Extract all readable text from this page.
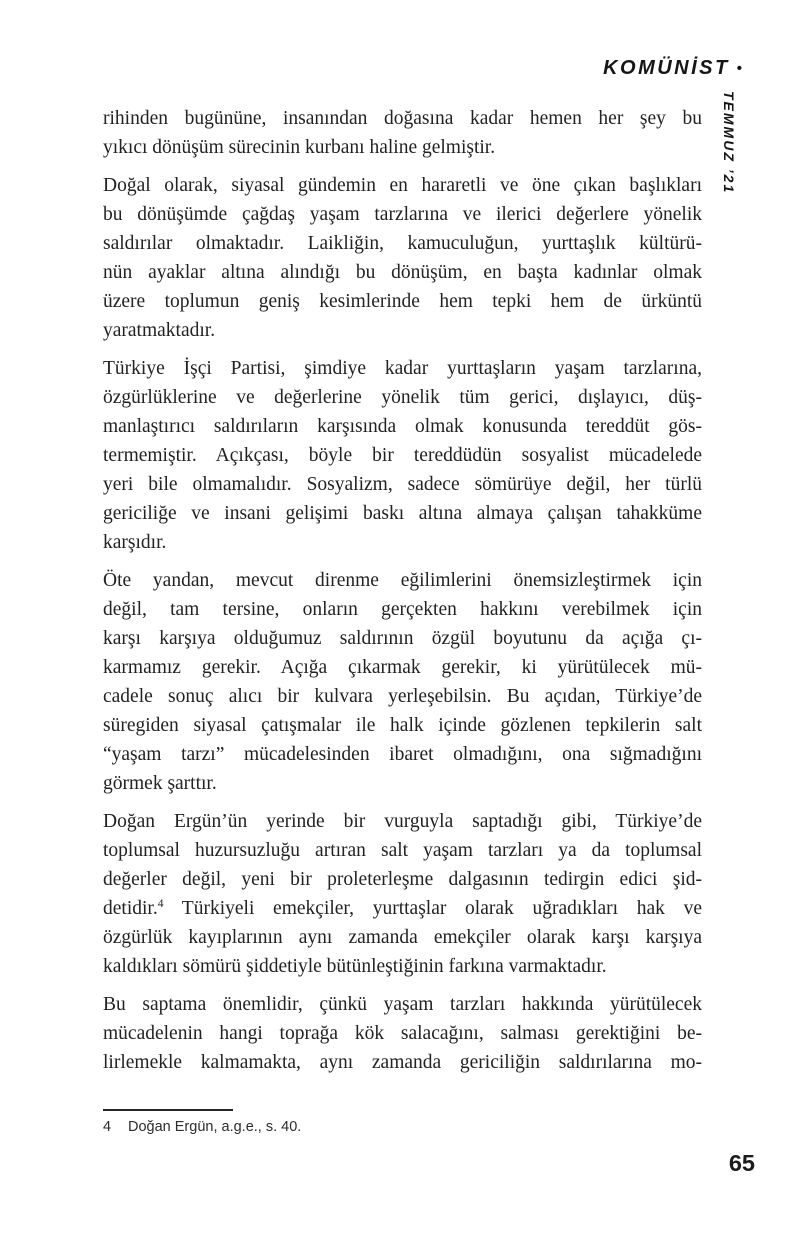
KOMÜNİST •
TEMMUZ ’21
rihinden bugününe, insanından doğasına kadar hemen her şey bu
yıkıcı dönüşüm sürecinin kurbanı haline gelmiştir.
Doğal olarak, siyasal gündemin en hararetli ve öne çıkan başlıkları
bu dönüşümde çağdaş yaşam tarzlarına ve ilerici değerlere yönelik
saldırılar olmaktadır. Laikliğin, kamuculuğun, yurttaşlık kültürü-
nün ayaklar altına alındığı bu dönüşüm, en başta kadınlar olmak
üzere toplumun geniş kesimlerinde hem tepki hem de ürküntü
yaratmaktadır.
Türkiye İşçi Partisi, şimdiye kadar yurttaşların yaşam tarzlarına,
özgürlüklerine ve değerlerine yönelik tüm gerici, dışlayıcı, düş-
manlaştırıcı saldırıların karşısında olmak konusunda tereddüt gös-
termemiştir. Açıkçası, böyle bir tereddüdün sosyalist mücadelede
yeri bile olmamalıdır. Sosyalizm, sadece sömürüye değil, her türlü
gericiliğe ve insani gelişimi baskı altına almaya çalışan tahakküme
karşıdır.
Öte yandan, mevcut direnme eğilimlerini önemsizleştirmek için
değil, tam tersine, onların gerçekten hakkını verebilmek için
karşı karşıya olduğumuz saldırının özgül boyutunu da açığa çı-
karmamız gerekir. Açığa çıkarmak gerekir, ki yürütülecek mü-
cadele sonuç alıcı bir kulvara yerleşebilsin. Bu açıdan, Türkiye’de
süregiden siyasal çatışmalar ile halk içinde gözlenen tepkilerin salt
“yaşam tarzı” mücadelesinden ibaret olmadığını, ona sığmadığını
görmek şarttır.
Doğan Ergün’ün yerinde bir vurguyla saptadığı gibi, Türkiye’de
toplumsal huzursuzluğu artıran salt yaşam tarzları ya da toplumsal
değerler değil, yeni bir proleterleşme dalgasının tedirgin edici şid-
detidir.$^4$ Türkiyeli emekçiler, yurttaşlar olarak uğradıkları hak ve
özgürlük kayıplarının aynı zamanda emekçiler olarak karşı karşıya
kaldıkları sömürü şiddetiyle bütünleştiğinin farkına varmaktadır.
Bu saptama önemlidir, çünkü yaşam tarzları hakkında yürütülecek
mücadelenin hangi toprağa kök salacağını, salması gerektiğini be-
lirlemekle kalmamakta, aynı zamanda gericiliğin saldırılarına mo-
4	Doğan Ergün, a.g.e., s. 40.
65
